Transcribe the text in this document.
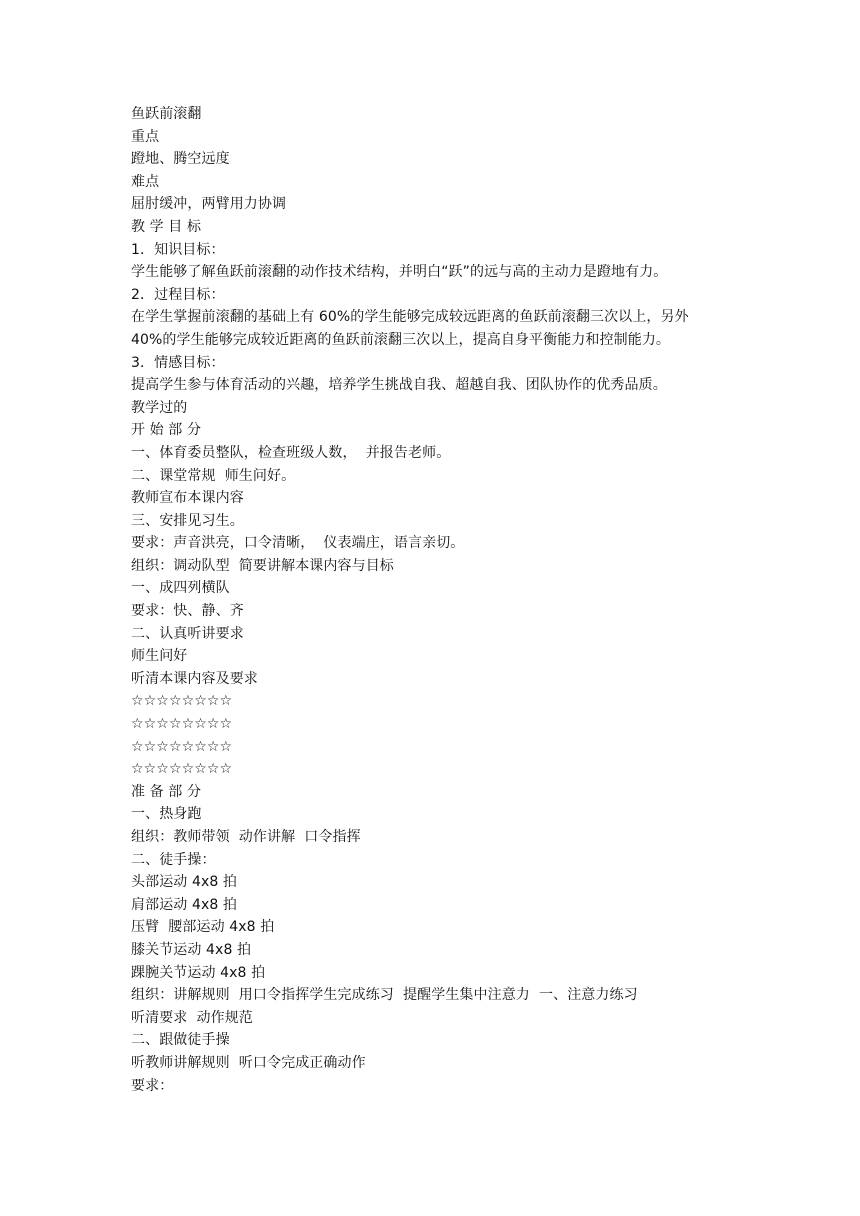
鱼跃前滚翻
重点
蹬地、腾空远度
难点
屈肘缓冲，两臂用力协调
教 学 目 标
1．知识目标：
学生能够了解鱼跃前滚翻的动作技术结构，并明白“跃”的远与高的主动力是蹬地有力。
2．过程目标：
在学生掌握前滚翻的基础上有 60%的学生能够完成较远距离的鱼跃前滚翻三次以上，另外
40%的学生能够完成较近距离的鱼跃前滚翻三次以上，提高自身平衡能力和控制能力。
3．情感目标：
提高学生参与体育活动的兴趣，培养学生挑战自我、超越自我、团队协作的优秀品质。
教学过的
开 始 部 分
一、体育委员整队，检查班级人数，  并报告老师。
二、课堂常规  师生问好。
教师宣布本课内容
三、安排见习生。
要求：声音洪亮，口令清晰，  仪表端庄，语言亲切。
组织：调动队型  简要讲解本课内容与目标
一、成四列横队
要求：快、静、齐
二、认真听讲要求
师生问好
听清本课内容及要求
☆☆☆☆☆☆☆☆
☆☆☆☆☆☆☆☆
☆☆☆☆☆☆☆☆
☆☆☆☆☆☆☆☆
准 备 部 分
一、热身跑
组织：教师带领  动作讲解  口令指挥
二、徒手操：
头部运动 4x8 拍
肩部运动 4x8 拍
压臂  腰部运动 4x8 拍
膝关节运动 4x8 拍
踝腕关节运动 4x8 拍
组织：讲解规则  用口令指挥学生完成练习  提醒学生集中注意力  一、注意力练习
听清要求  动作规范
二、跟做徒手操
听教师讲解规则  听口令完成正确动作
要求：
